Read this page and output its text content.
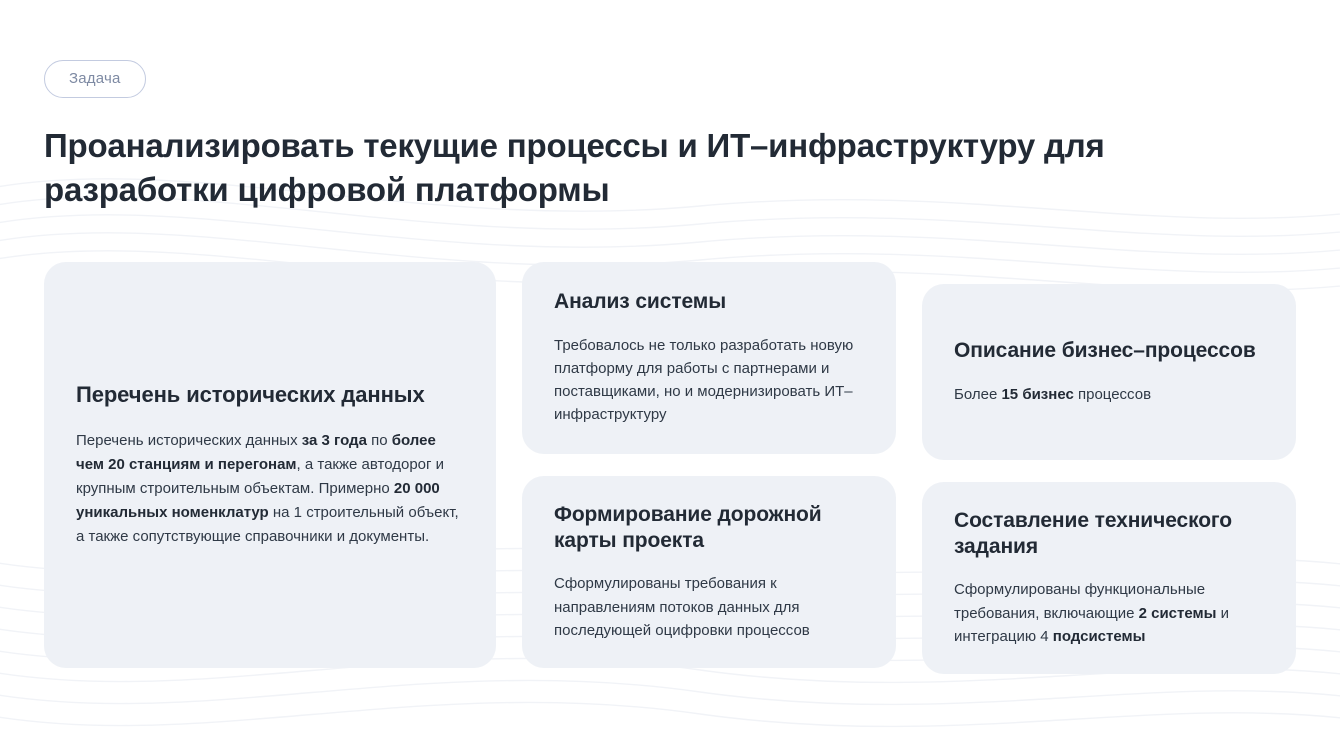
Задача
Проанализировать текущие процессы и ИТ–инфраструктуру для разработки цифровой платформы
Перечень исторических данных

Перечень исторических данных за 3 года по более чем 20 станциям и перегонам, а также автодорог и крупным строительным объектам. Примерно 20 000 уникальных номенклатур на 1 строительный объект, а также сопутствующие справочники и документы.

Анализ системы

Требовалось не только разработать новую платформу для работы с партнерами и поставщиками, но и модернизировать ИТ–инфраструктуру

Формирование дорожной карты проекта

Сформулированы требования к направлениям потоков данных для последующей оцифровки процессов

Описание бизнес–процессов

Более 15 бизнес процессов

Составление технического задания

Сформулированы функциональные требования, включающие 2 системы и интеграцию 4 подсистемы
